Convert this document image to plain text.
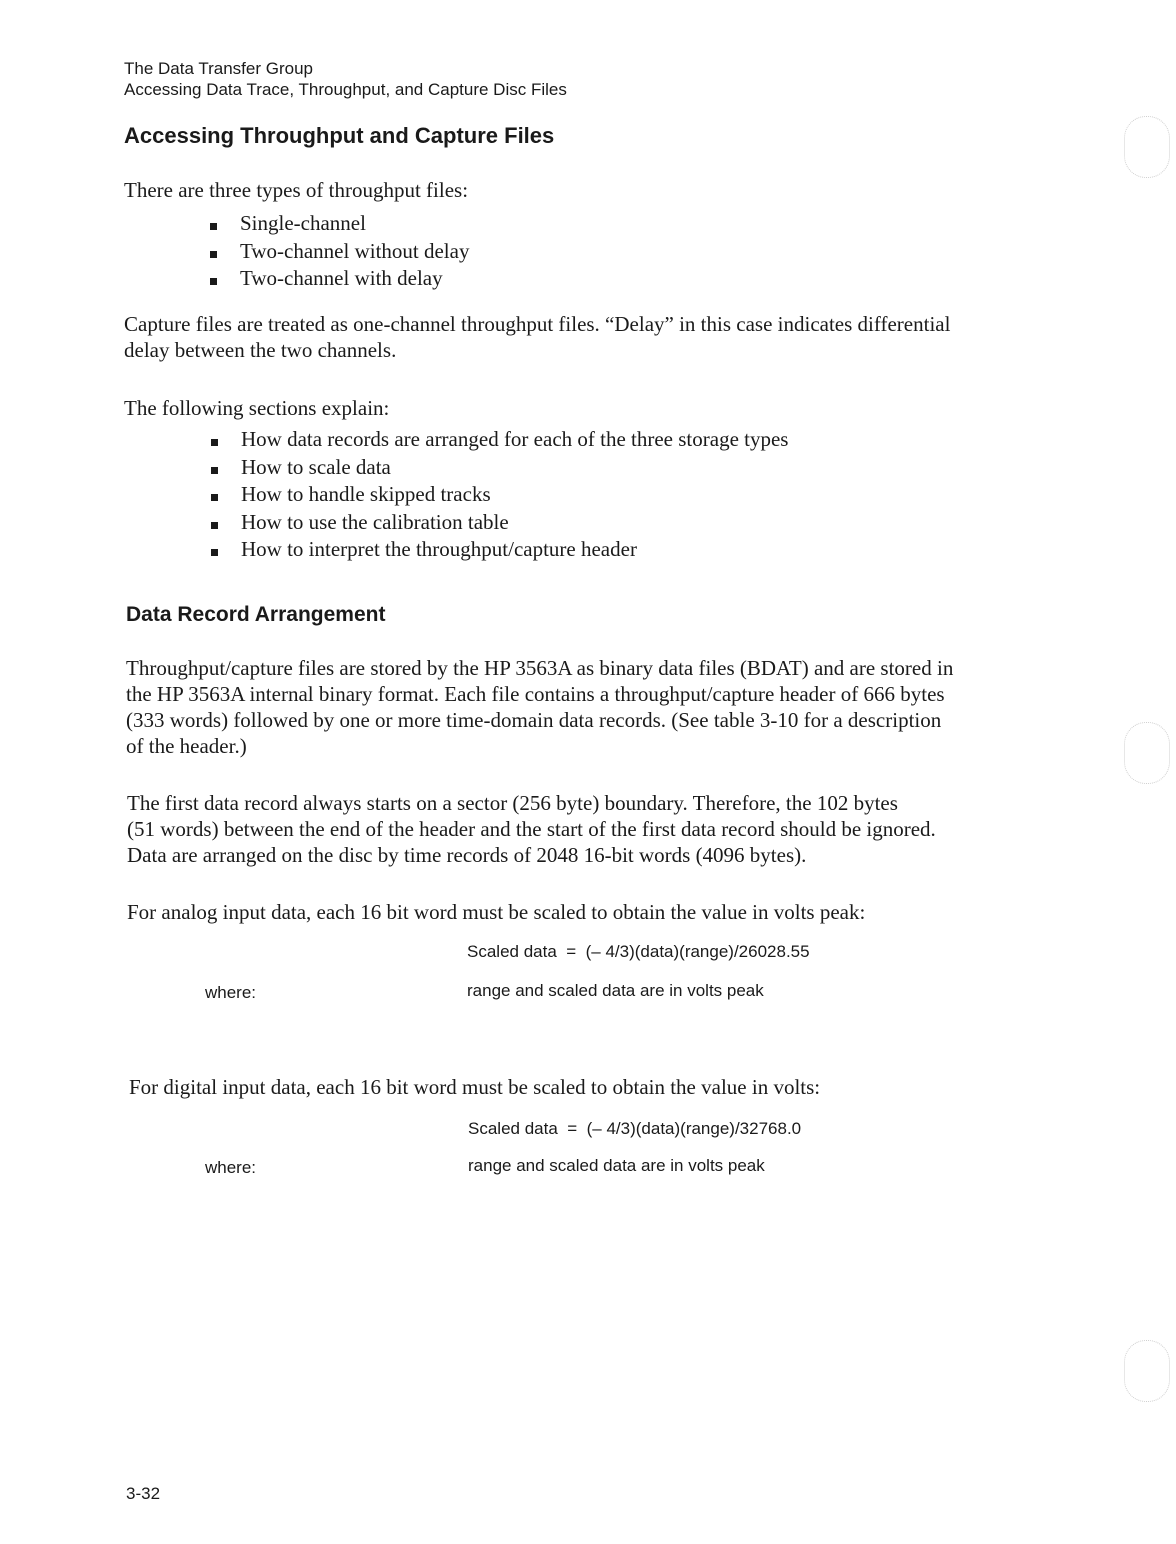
The Data Transfer Group
Accessing Data Trace, Throughput, and Capture Disc Files
Accessing Throughput and Capture Files

There are three types of throughput files:

Single-channel
Two-channel without delay
Two-channel with delay
Capture files are treated as one-channel throughput files. “Delay” in this case indicates differential
delay between the two channels.

The following sections explain:

How data records are arranged for each of the three storage types
How to scale data
How to handle skipped tracks
How to use the calibration table
How to interpret the throughput/capture header
Data Record Arrangement
Throughput/capture files are stored by the HP 3563A as binary data files (BDAT) and are stored in
the HP 3563A internal binary format. Each file contains a throughput/capture header of 666 bytes
(333 words) followed by one or more time-domain data records. (See table 3-10 for a description
of the header.)
The first data record always starts on a sector (256 byte) boundary. Therefore, the 102 bytes
(51 words) between the end of the header and the start of the first data record should be ignored.
Data are arranged on the disc by time records of 2048 16-bit words (4096 bytes).

For analog input data, each 16 bit word must be scaled to obtain the value in volts peak:

Scaled data  =  (– 4/3)(data)(range)/26028.55
where:	range and scaled data are in volts peak

For digital input data, each 16 bit word must be scaled to obtain the value in volts:

Scaled data  =  (– 4/3)(data)(range)/32768.0
where:	range and scaled data are in volts peak
3-32
